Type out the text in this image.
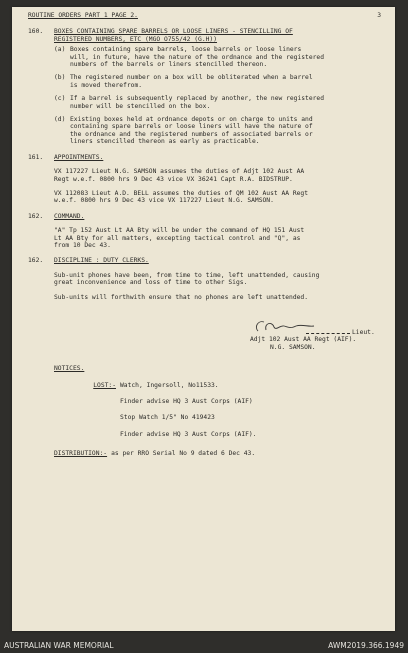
ROUTINE ORDERS PART 1 PAGE 2.	3
160.	BOXES CONTAINING SPARE BARRELS OR LOOSE LINERS - STENCILLING OF
REGISTERED NUMBERS, ETC (MGO O755/42 (G.H))
(a) Boxes containing spare barrels, loose barrels or loose liners
will, in future, have the nature of the ordnance and the registered
numbers of the barrels or liners stencilled thereon.
(b) The registered number on a box will be obliterated when a barrel
is moved therefrom.
(c) If a barrel is subsequently replaced by another, the new registered
number will be stencilled on the box.
(d) Existing boxes held at ordnance depots or on charge to units and
containing spare barrels or loose liners will have the nature of
the ordnance and the registered numbers of associated barrels or
liners stencilled thereon as early as practicable.
161.	APPOINTMENTS.
VX 117227 Lieut N.G. SAMSON assumes the duties of Adjt 102 Aust AA
Regt w.e.f. 0800 hrs 9 Dec 43 vice VX 36241 Capt R.A. BIDSTRUP.
VX 112083 Lieut A.D. BELL assumes the duties of QM 102 Aust AA Regt
w.e.f. 0800 hrs 9 Dec 43 vice VX 117227 Lieut N.G. SAMSON.
162.	COMMAND.
"A" Tp 152 Aust Lt AA Bty will be under the command of HQ 151 Aust
Lt AA Bty for all matters, excepting tactical control and "Q", as
from 10 Dec 43.
162.	DISCIPLINE : DUTY CLERKS.
Sub-unit phones have been, from time to time, left unattended, causing
great inconvenience and loss of time to other Sigs.
Sub-units will forthwith ensure that no phones are left unattended.
Lieut.
Adjt 102 Aust AA Regt (AIF).
N.G. SAMSON.
NOTICES.
LOST:- Watch, Ingersoll, No11533.
Finder advise HQ 3 Aust Corps (AIF)
Stop Watch 1/5" No 419423
Finder advise HQ 3 Aust Corps (AIF).
DISTRIBUTION:- as per RRO Serial No 9 dated 6 Dec 43.
AUSTRALIAN WAR MEMORIAL	AWM2019.366.1949
